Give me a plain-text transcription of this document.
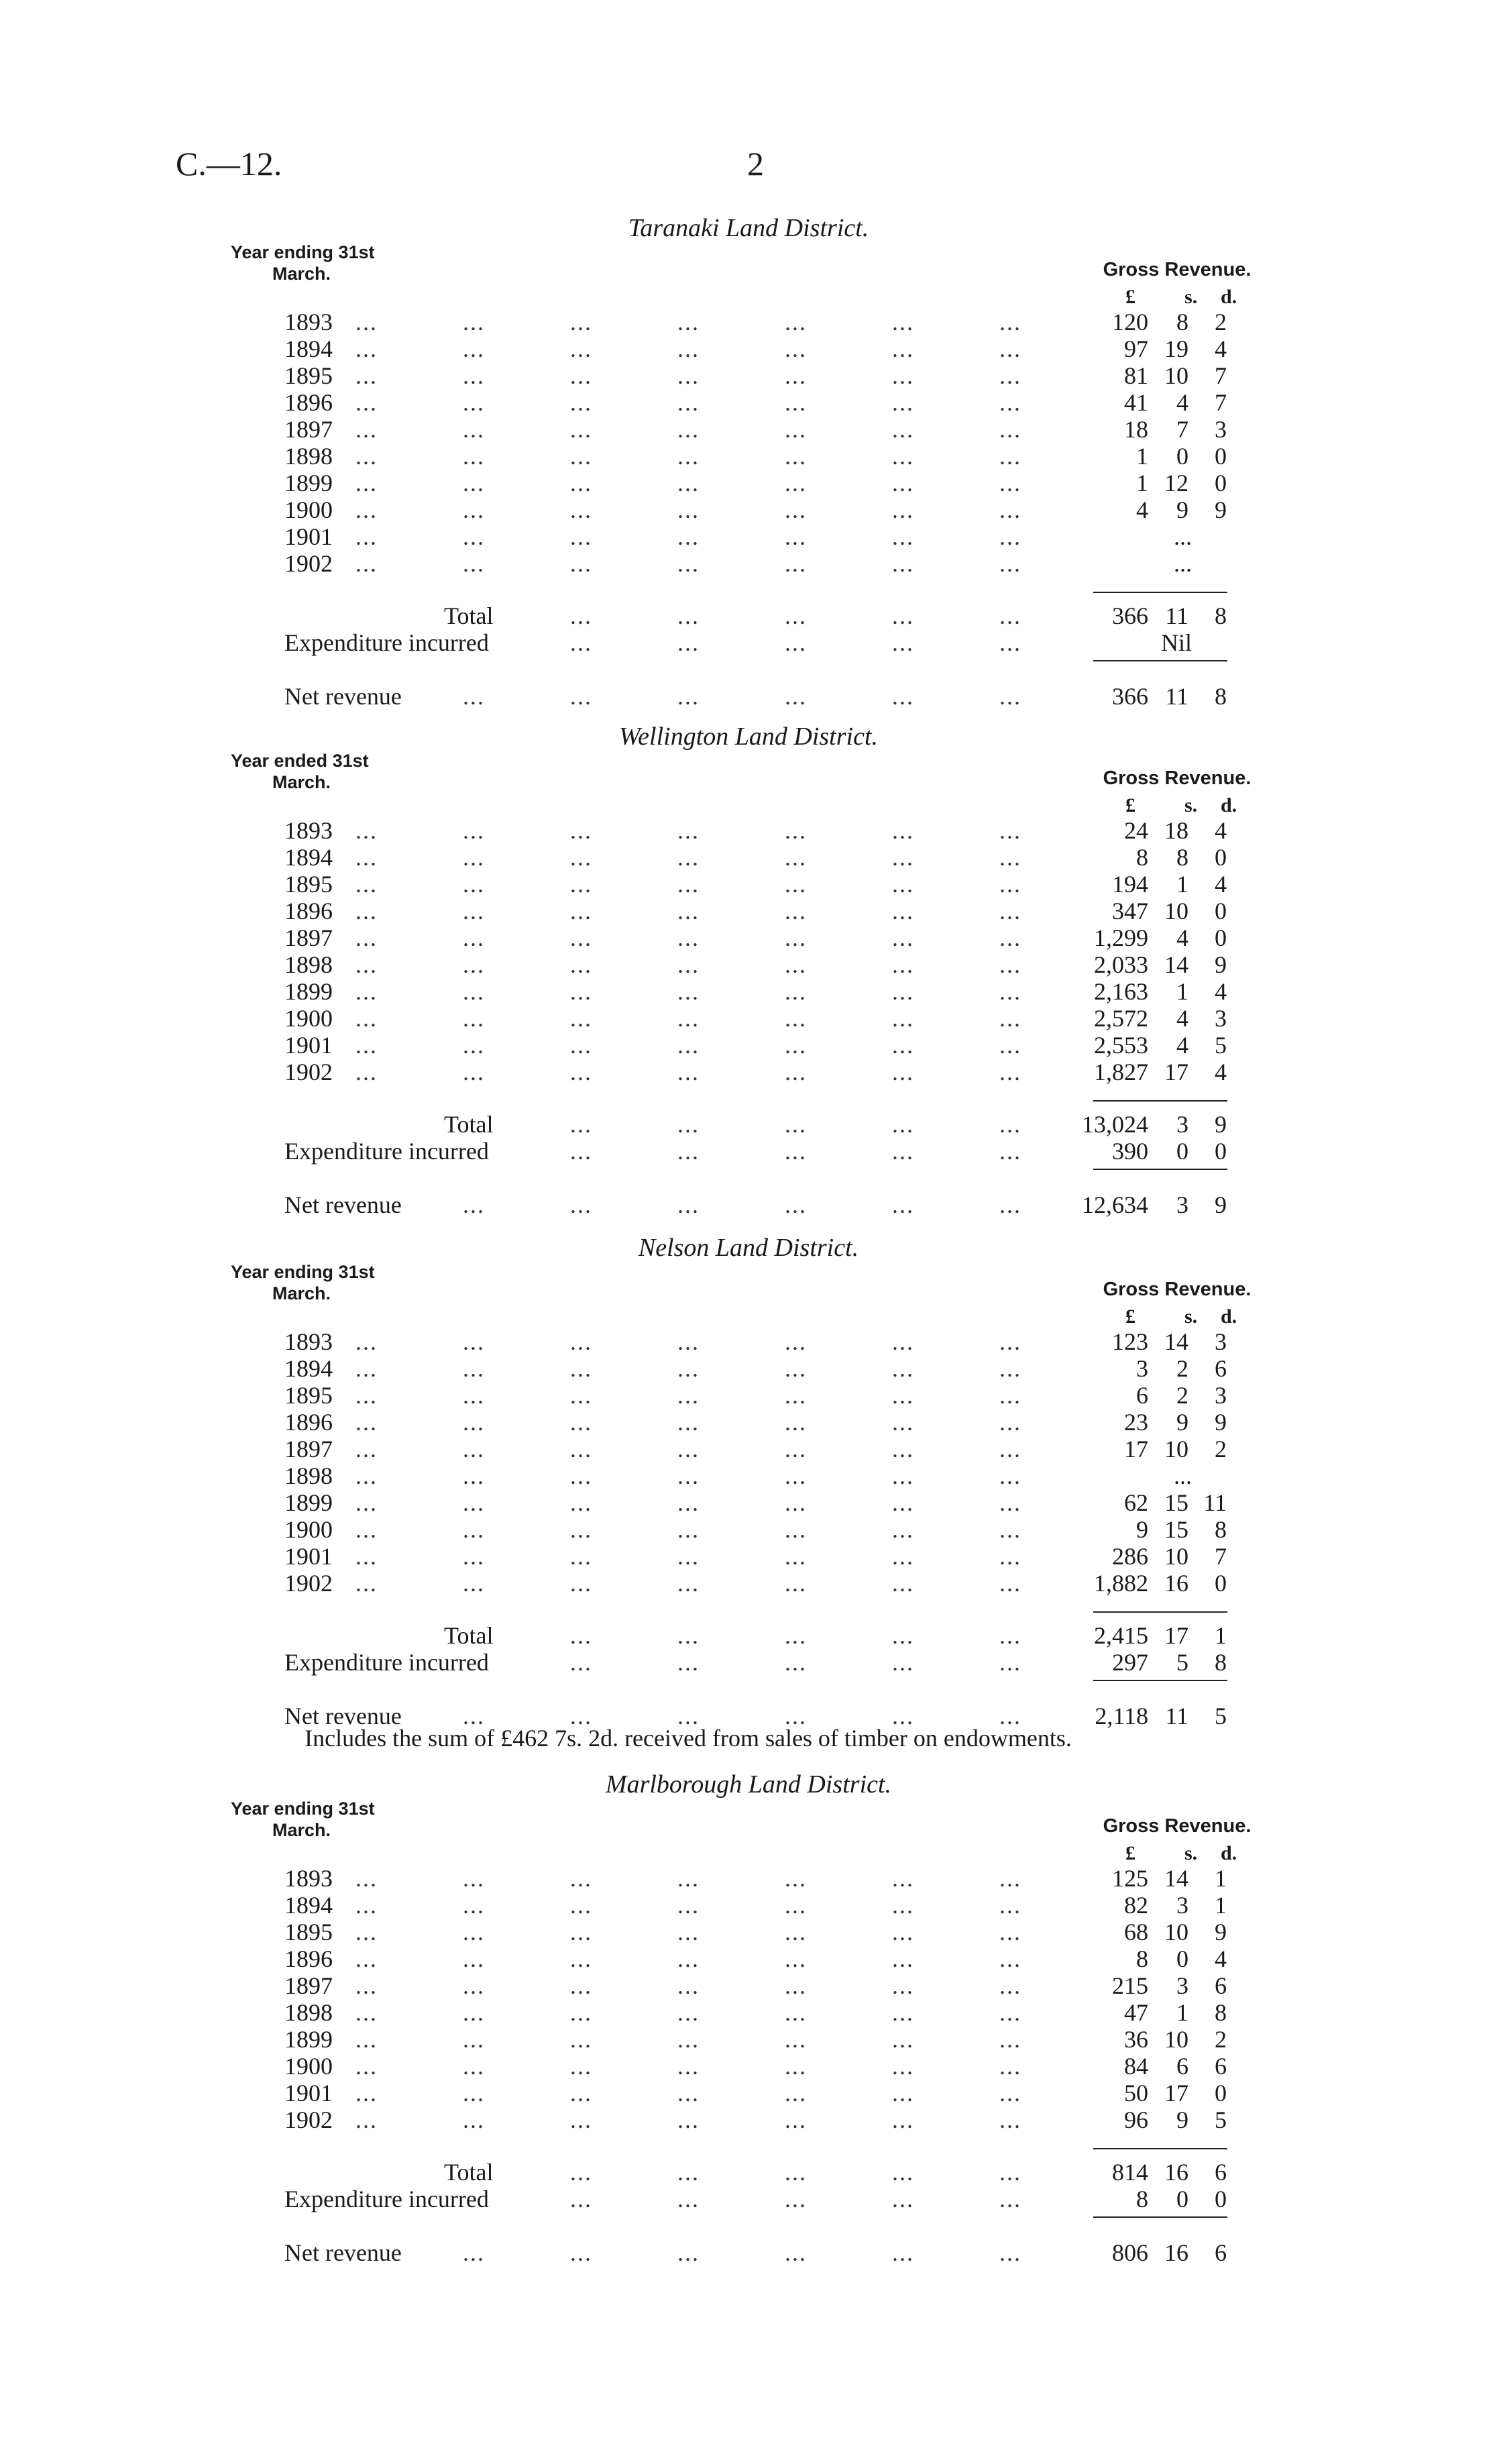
C.—12.	2
Taranaki Land District.
Year ending 31st
March.	Gross Revenue.
£ s. d.
1893 ...	...	...	...	...	...	...	120 8 2
1894 ...	...	...	...	...	...	...	97 19 4
1895 ...	...	...	...	...	...	...	81 10 7
1896 ...	...	...	...	...	...	...	41 4 7
1897 ...	...	...	...	...	...	...	18 7 3
1898 ...	...	...	...	...	...	...	1 0 0
1899 ...	...	...	...	...	...	...	1 12 0
1900 ...	...	...	...	...	...	...	4 9 9
1901 ...	...	...	...	...	...	...	...
1902 ...	...	...	...	...	...	...	...
Total	...	...	...	...	...	366 11 8
Expenditure incurred	...	...	...	...	...	Nil
Net revenue	...	...	...	...	...	...	366 11 8
Wellington Land District.
Year ended 31st
March.	Gross Revenue.
£ s. d.
1893 ...	...	...	...	...	...	...	24 18 4
1894 ...	...	...	...	...	...	...	8 8 0
1895 ...	...	...	...	...	...	...	194 1 4
1896 ...	...	...	...	...	...	...	347 10 0
1897 ...	...	...	...	...	...	...	1,299 4 0
1898 ...	...	...	...	...	...	...	2,033 14 9
1899 ...	...	...	...	...	...	...	2,163 1 4
1900 ...	...	...	...	...	...	...	2,572 4 3
1901 ...	...	...	...	...	...	...	2,553 4 5
1902 ...	...	...	...	...	...	...	1,827 17 4
Total	...	...	...	...	...	13,024 3 9
Expenditure incurred	...	...	...	...	...	390 0 0
Net revenue	...	...	...	...	...	...	12,634 3 9
Nelson Land District.
Year ending 31st
March.	Gross Revenue.
£ s. d.
1893 ...	...	...	...	...	...	...	123 14 3
1894 ...	...	...	...	...	...	...	3 2 6
1895 ...	...	...	...	...	...	...	6 2 3
1896 ...	...	...	...	...	...	...	23 9 9
1897 ...	...	...	...	...	...	...	17 10 2
1898 ...	...	...	...	...	...	...	...
1899 ...	...	...	...	...	...	...	62 15 11
1900 ...	...	...	...	...	...	...	9 15 8
1901 ...	...	...	...	...	...	...	286 10 7
1902 ...	...	...	...	...	...	...	1,882 16 0
Total	...	...	...	...	...	2,415 17 1
Expenditure incurred	...	...	...	...	...	297 5 8
Net revenue	...	...	...	...	...	...	2,118 11 5
Includes the sum of £462 7s. 2d. received from sales of timber on endowments.
Marlborough Land District.
Year ending 31st
March.	Gross Revenue.
£ s. d.
1893 ...	...	...	...	...	...	...	125 14 1
1894 ...	...	...	...	...	...	...	82 3 1
1895 ...	...	...	...	...	...	...	68 10 9
1896 ...	...	...	...	...	...	...	8 0 4
1897 ...	...	...	...	...	...	...	215 3 6
1898 ...	...	...	...	...	...	...	47 1 8
1899 ...	...	...	...	...	...	...	36 10 2
1900 ...	...	...	...	...	...	...	84 6 6
1901 ...	...	...	...	...	...	...	50 17 0
1902 ...	...	...	...	...	...	...	96 9 5
Total	...	...	...	...	...	814 16 6
Expenditure incurred	...	...	...	...	...	8 0 0
Net revenue	...	...	...	...	...	...	806 16 6
